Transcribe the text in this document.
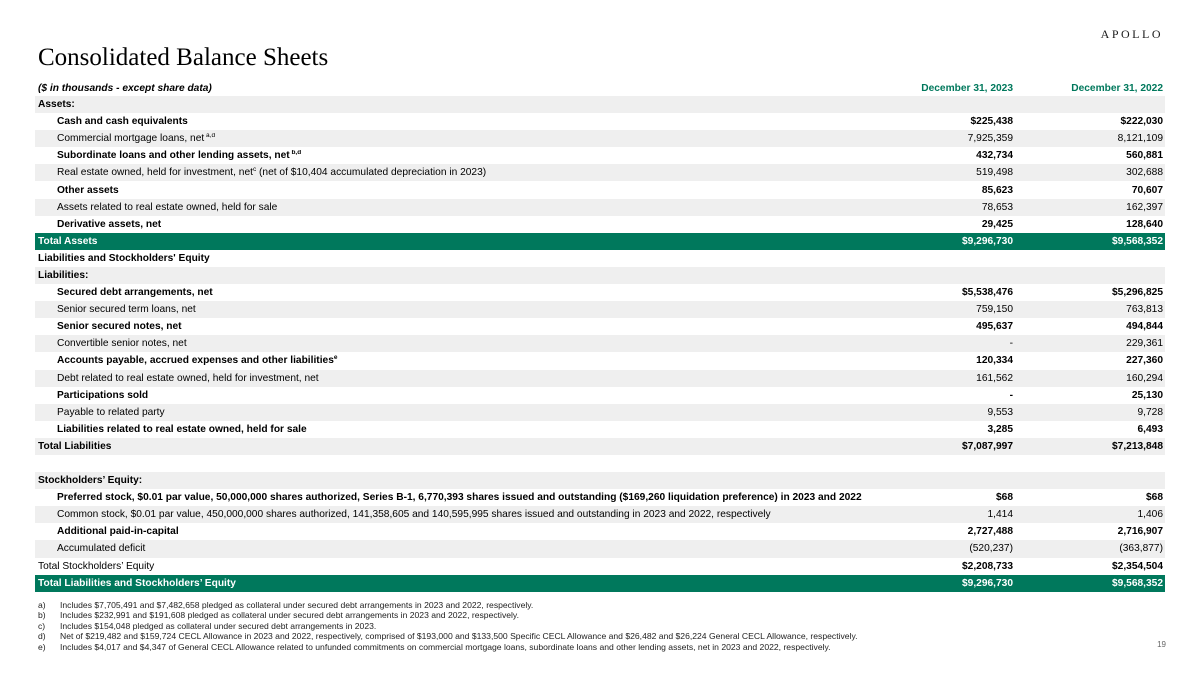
APOLLO
Consolidated Balance Sheets
($ in thousands - except share data)	December 31, 2023	December 31, 2022
Assets:
Cash and cash equivalents	$225,438	$222,030
Commercial mortgage loans, net $^{a,d}$	7,925,359	8,121,109
Subordinate loans and other lending assets, net $^{b,d}$	432,734	560,881
Real estate owned, held for investment, net$^c$ (net of $10,404 accumulated depreciation in 2023)	519,498	302,688
Other assets	85,623	70,607
Assets related to real estate owned, held for sale	78,653	162,397
Derivative assets, net	29,425	128,640
Total Assets	$9,296,730	$9,568,352
Liabilities and Stockholders' Equity
Liabilities:
Secured debt arrangements, net	$5,538,476	$5,296,825
Senior secured term loans, net	759,150	763,813
Senior secured notes, net	495,637	494,844
Convertible senior notes, net	-	229,361
Accounts payable, accrued expenses and other liabilities$^e$	120,334	227,360
Debt related to real estate owned, held for investment, net	161,562	160,294
Participations sold	-	25,130
Payable to related party	9,553	9,728
Liabilities related to real estate owned, held for sale	3,285	6,493
Total Liabilities	$7,087,997	$7,213,848
Stockholders’ Equity:
Preferred stock, $0.01 par value, 50,000,000 shares authorized, Series B-1, 6,770,393 shares issued and outstanding ($169,260 liquidation preference) in 2023 and 2022	$68	$68
Common stock, $0.01 par value, 450,000,000 shares authorized, 141,358,605 and 140,595,995 shares issued and outstanding in 2023 and 2022, respectively	1,414	1,406
Additional paid-in-capital	2,727,488	2,716,907
Accumulated deficit	(520,237)	(363,877)
Total Stockholders’ Equity	$2,208,733	$2,354,504
Total Liabilities and Stockholders’ Equity	$9,296,730	$9,568,352
a)	Includes $7,705,491 and $7,482,658 pledged as collateral under secured debt arrangements in 2023 and 2022, respectively.
b)	Includes $232,991 and $191,608 pledged as collateral under secured debt arrangements in 2023 and 2022, respectively.
c)	Includes $154,048 pledged as collateral under secured debt arrangements in 2023.
d)	Net of $219,482 and $159,724 CECL Allowance in 2023 and 2022, respectively, comprised of $193,000 and $133,500 Specific CECL Allowance and $26,482 and $26,224 General CECL Allowance, respectively.
e)	Includes $4,017 and $4,347 of General CECL Allowance related to unfunded commitments on commercial mortgage loans, subordinate loans and other lending assets, net in 2023 and 2022, respectively.	19
